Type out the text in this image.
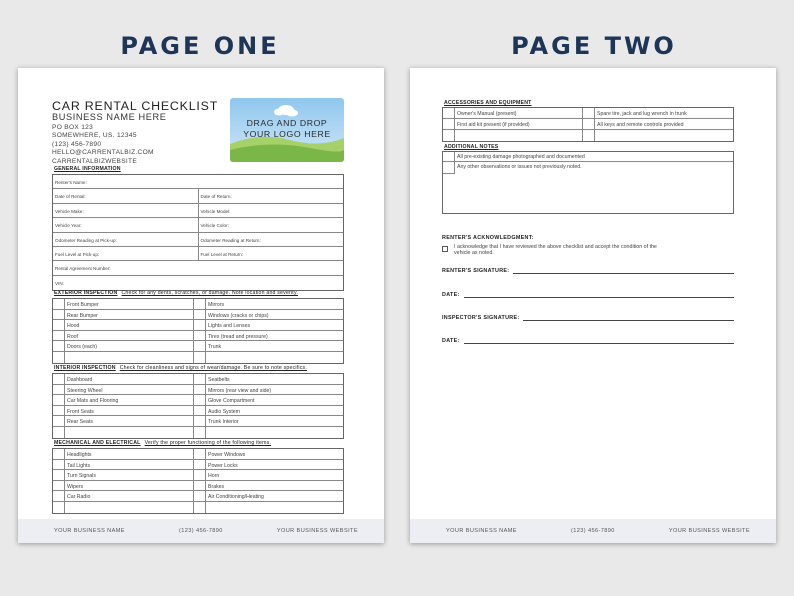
PAGE ONE	PAGE TWO
CAR RENTAL CHECKLIST
BUSINESS NAME HERE
PO BOX 123
SOMEWHERE, US. 12345
(123) 456-7890
HELLO@CARRENTALBIZ.COM
CARRENTALBIZWEBSITE
DRAG AND DROP
YOUR LOGO HERE
GENERAL INFORMATION
Renter's Name:
Date of Rental:	Date of Return:
Vehicle Make:	Vehicle Model:
Vehicle Year:	Vehicle Color:
Odometer Reading at Pick-up:	Odometer Reading at Return:
Fuel Level at Pick-up:	Fuel Level at Return:
Rental Agreement Number:
VIN:
EXTERIOR INSPECTION Check for any dents, scratches, or damage. Note location and severity.
Front Bumper	Mirrors
Rear Bumper	Windows (cracks or chips)
Hood	Lights and Lenses
Roof	Tires (tread and pressure)
Doors (each)	Trunk
INTERIOR INSPECTION Check for cleanliness and signs of wear/damage. Be sure to note specifics.
Dashboard	Seatbelts
Steering Wheel	Mirrors (rear view and side)
Car Mats and Flooring	Glove Compartment
Front Seats	Audio System
Rear Seats	Trunk Interior
MECHANICAL AND ELECTRICAL Verify the proper functioning of the following items.
Headlights	Power Windows
Tail Lights	Power Locks
Turn Signals	Horn
Wipers	Brakes
Car Radio	Air Conditioning/Heating
YOUR BUSINESS NAME	(123) 456-7890	YOUR BUSINESS WEBSITE
ACCESSORIES AND EQUIPMENT
Owner's Manual (present)	Spare tire, jack and lug wrench in trunk
First aid kit present (if provided)	All keys and remote controls provided
ADDITIONAL NOTES
All pre-existing damage photographed and documented
Any other observations or issues not previously noted.
RENTER'S ACKNOWLEDGMENT:
I acknowledge that I have reviewed the above checklist and accept the condition of the vehicle as noted.
RENTER'S SIGNATURE:
DATE:
INSPECTOR'S SIGNATURE:
DATE:
YOUR BUSINESS NAME	(123) 456-7890	YOUR BUSINESS WEBSITE
